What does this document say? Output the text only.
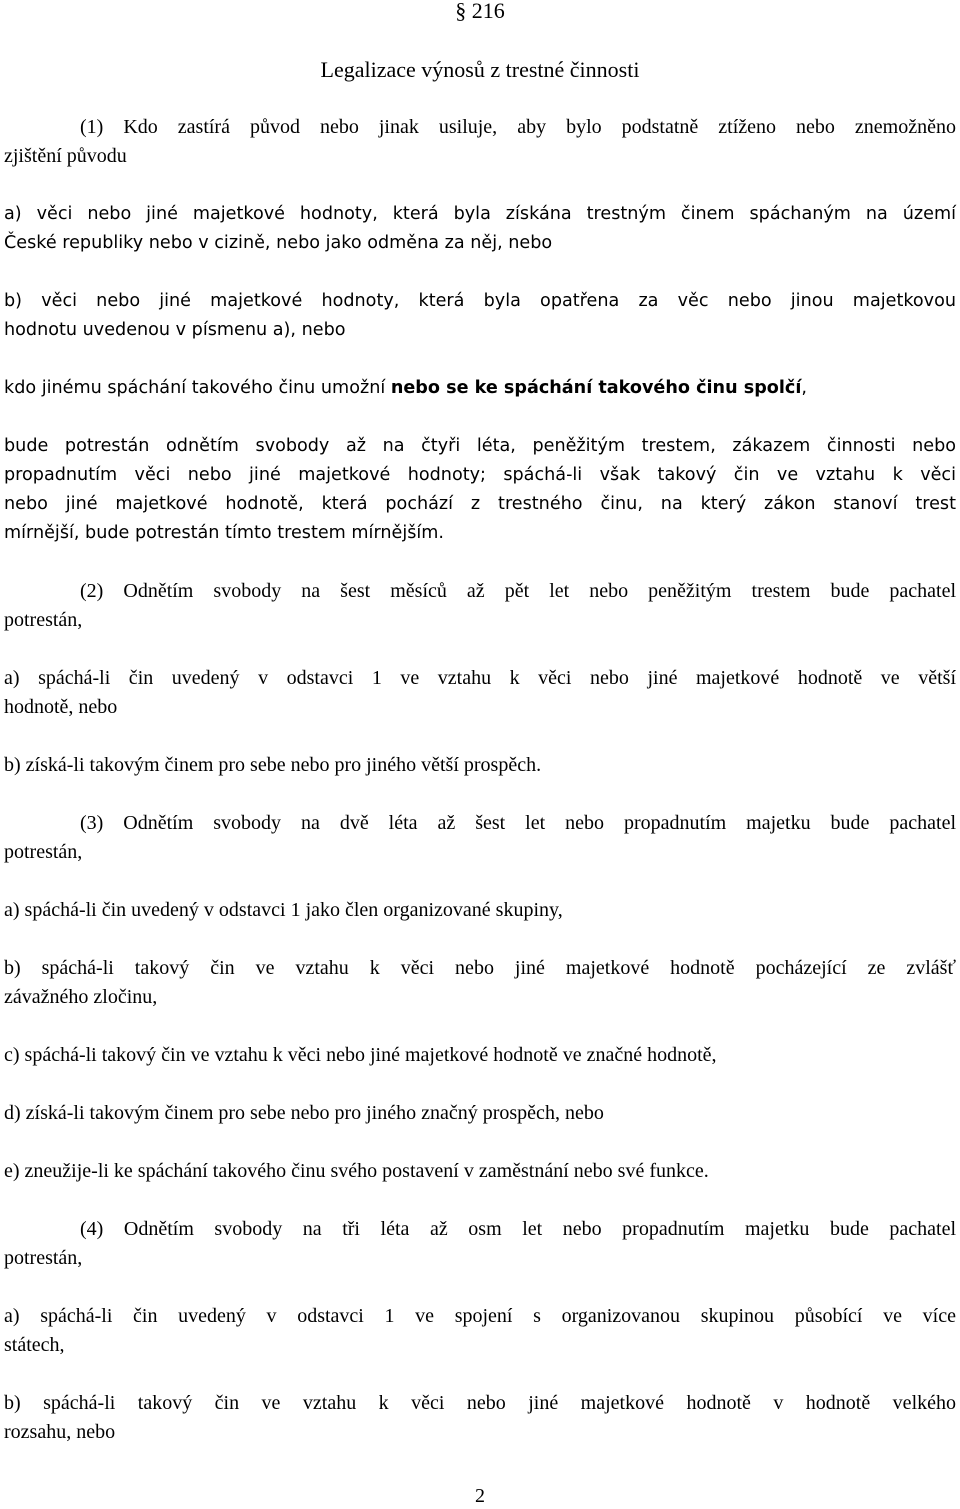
§ 216
Legalizace výnosů z trestné činnosti
(1) Kdo zastírá původ nebo jinak usiluje, aby bylo podstatně ztíženo nebo znemožněno
zjištění původu
a) věci nebo jiné majetkové hodnoty, která byla získána trestným činem spáchaným na území
České republiky nebo v cizině, nebo jako odměna za něj, nebo
b) věci nebo jiné majetkové hodnoty, která byla opatřena za věc nebo jinou majetkovou
hodnotu uvedenou v písmenu a), nebo
kdo jinému spáchání takového činu umožní nebo se ke spáchání takového činu spolčí,
bude potrestán odnětím svobody až na čtyři léta, peněžitým trestem, zákazem činnosti nebo
propadnutím věci nebo jiné majetkové hodnoty; spáchá-li však takový čin ve vztahu k věci
nebo jiné majetkové hodnotě, která pochází z trestného činu, na který zákon stanoví trest
mírnější, bude potrestán tímto trestem mírnějším.
(2) Odnětím svobody na šest měsíců až pět let nebo peněžitým trestem bude pachatel
potrestán,
a) spáchá-li čin uvedený v odstavci 1 ve vztahu k věci nebo jiné majetkové hodnotě ve větší
hodnotě, nebo
b) získá-li takovým činem pro sebe nebo pro jiného větší prospěch.
(3) Odnětím svobody na dvě léta až šest let nebo propadnutím majetku bude pachatel
potrestán,
a) spáchá-li čin uvedený v odstavci 1 jako člen organizované skupiny,
b) spáchá-li takový čin ve vztahu k věci nebo jiné majetkové hodnotě pocházející ze zvlášť
závažného zločinu,
c) spáchá-li takový čin ve vztahu k věci nebo jiné majetkové hodnotě ve značné hodnotě,
d) získá-li takovým činem pro sebe nebo pro jiného značný prospěch, nebo
e) zneužije-li ke spáchání takového činu svého postavení v zaměstnání nebo své funkce.
(4) Odnětím svobody na tři léta až osm let nebo propadnutím majetku bude pachatel
potrestán,
a) spáchá-li čin uvedený v odstavci 1 ve spojení s organizovanou skupinou působící ve více
státech,
b) spáchá-li takový čin ve vztahu k věci nebo jiné majetkové hodnotě v hodnotě velkého
rozsahu, nebo
2
